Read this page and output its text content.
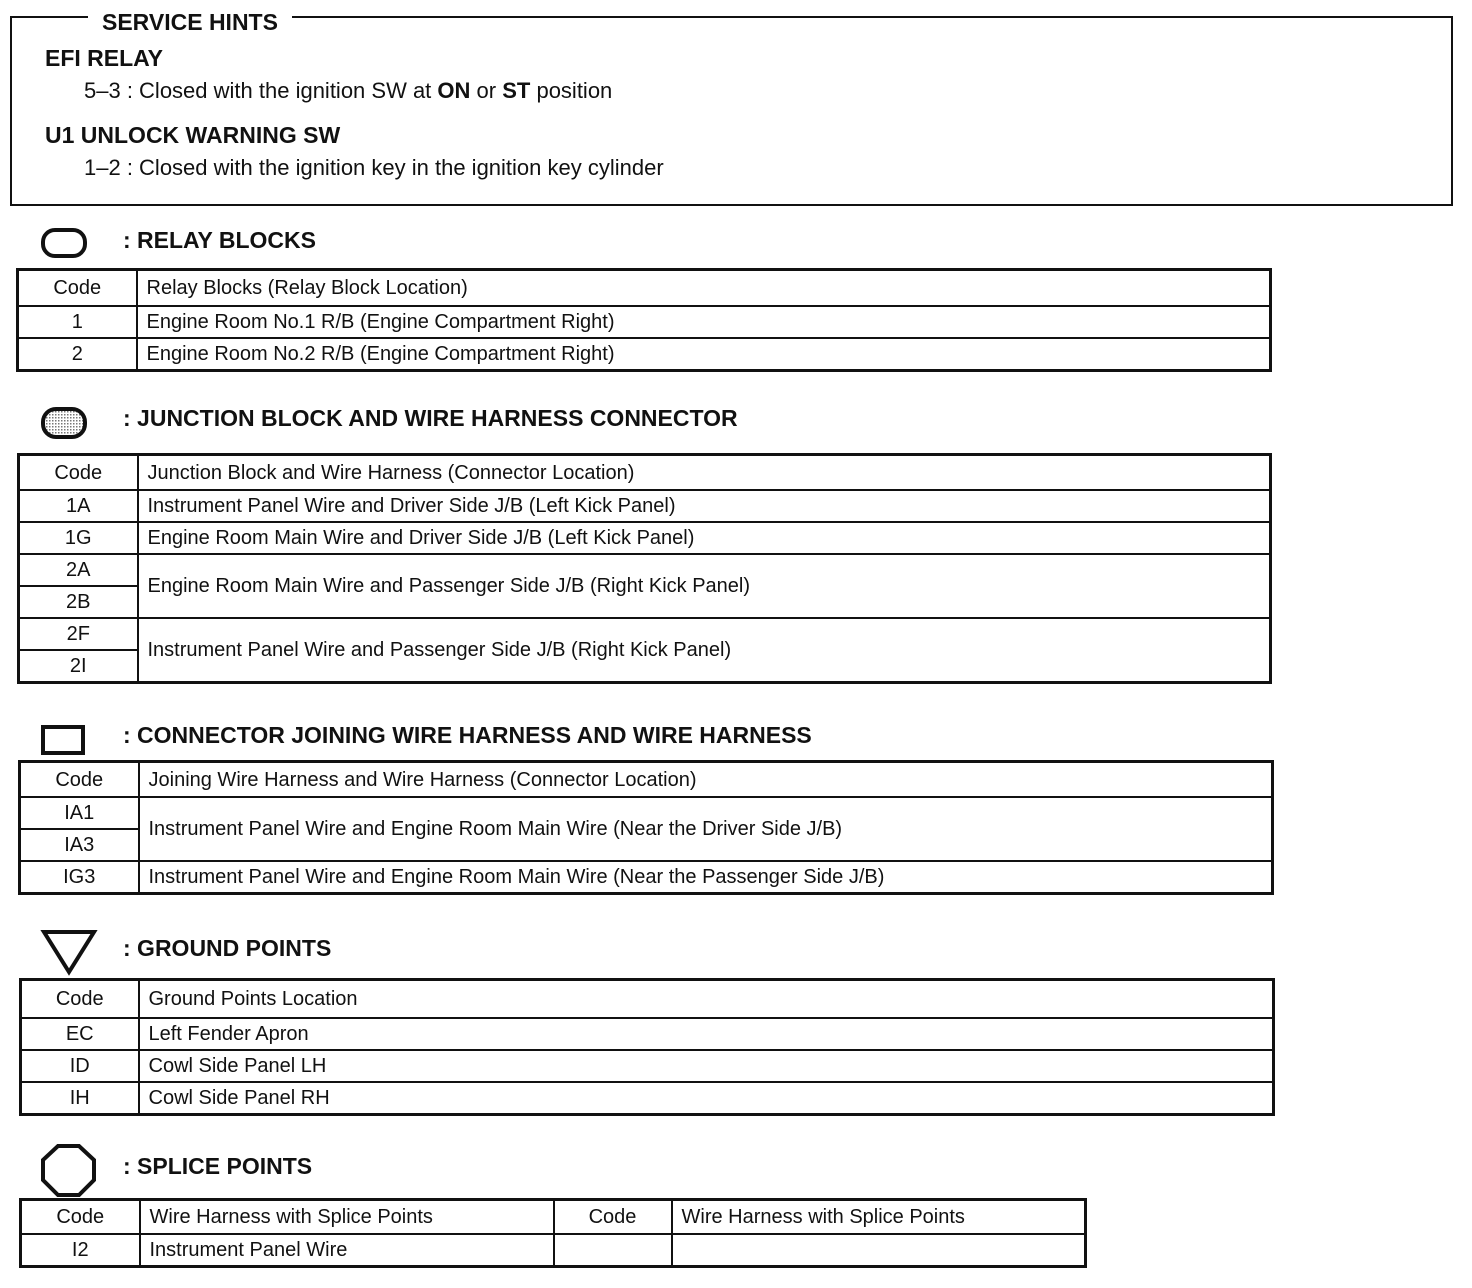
SERVICE HINTS
EFI RELAY
5–3 : Closed with the ignition SW at ON or ST position
U1 UNLOCK WARNING SW
1–2 : Closed with the ignition key in the ignition key cylinder
: RELAY BLOCKS
Code	Relay Blocks (Relay Block Location)
1	Engine Room No.1 R/B (Engine Compartment Right)
2	Engine Room No.2 R/B (Engine Compartment Right)
: JUNCTION BLOCK AND WIRE HARNESS CONNECTOR
Code	Junction Block and Wire Harness (Connector Location)
1A	Instrument Panel Wire and Driver Side J/B (Left Kick Panel)
1G	Engine Room Main Wire and Driver Side J/B (Left Kick Panel)
2A	Engine Room Main Wire and Passenger Side J/B (Right Kick Panel)
2B	
2F	Instrument Panel Wire and Passenger Side J/B (Right Kick Panel)
2I	
: CONNECTOR JOINING WIRE HARNESS AND WIRE HARNESS
Code	Joining Wire Harness and Wire Harness (Connector Location)
IA1	Instrument Panel Wire and Engine Room Main Wire (Near the Driver Side J/B)
IA3	
IG3	Instrument Panel Wire and Engine Room Main Wire (Near the Passenger Side J/B)
: GROUND POINTS
Code	Ground Points Location
EC	Left Fender Apron
ID	Cowl Side Panel LH
IH	Cowl Side Panel RH
: SPLICE POINTS
Code	Wire Harness with Splice Points	Code	Wire Harness with Splice Points
I2	Instrument Panel Wire		
